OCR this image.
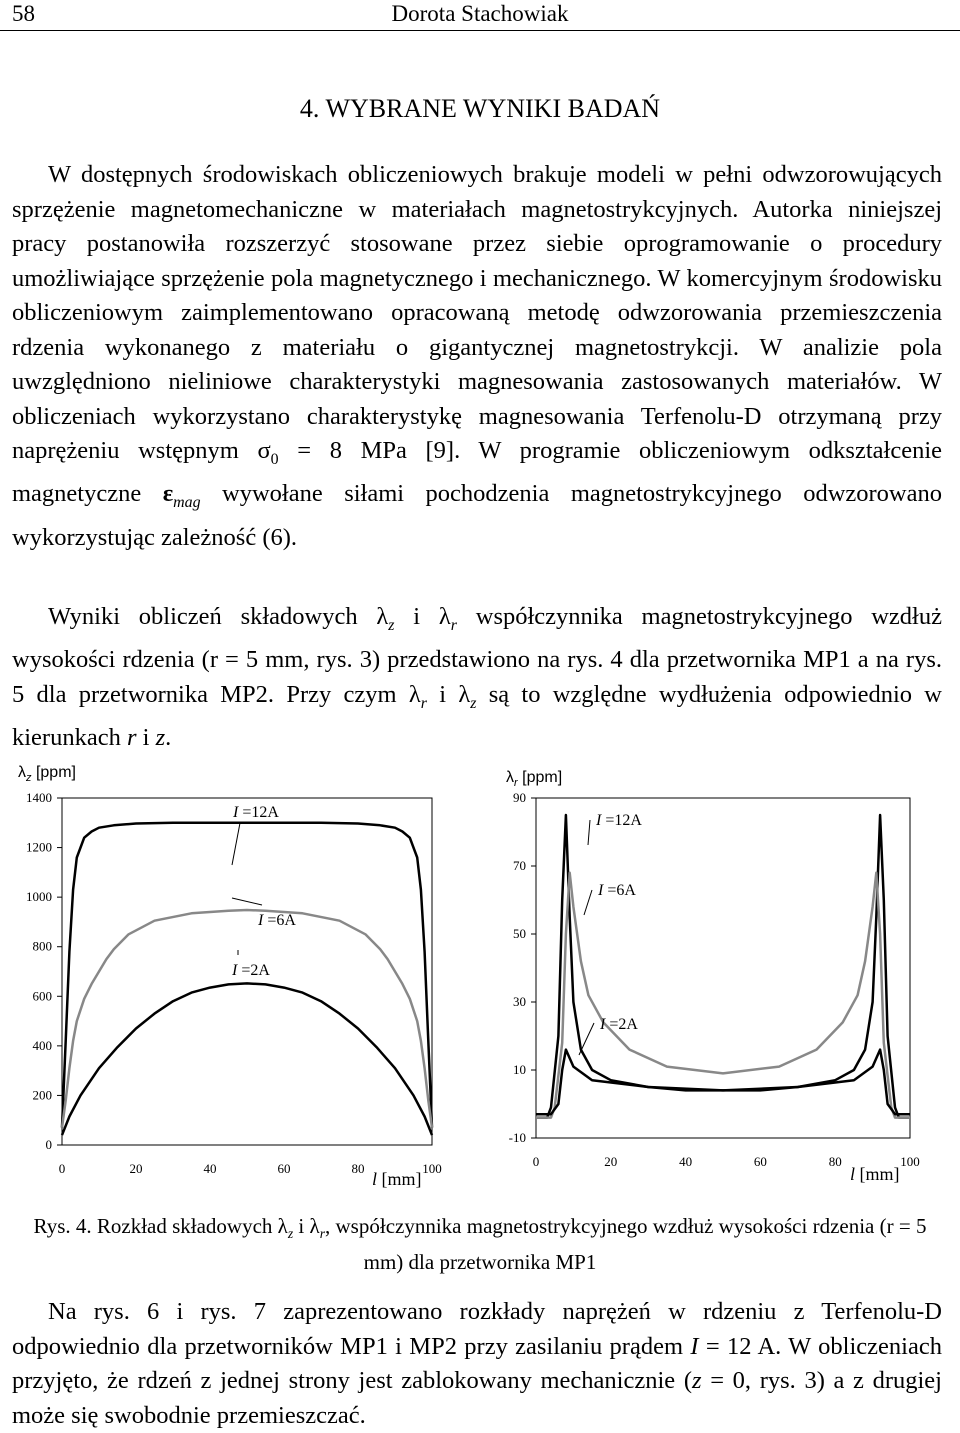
58	Dorota Stachowiak
4. WYBRANE WYNIKI BADAŃ

W dostępnych środowiskach obliczeniowych brakuje modeli w pełni odwzorowujących sprzężenie magnetomechaniczne w materiałach magnetostrykcyjnych. Autorka niniejszej pracy postanowiła rozszerzyć stosowane przez siebie oprogramowanie o procedury umożliwiające sprzężenie pola magnetycznego i mechanicznego. W komercyjnym środowisku obliczeniowym zaimplementowano opracowaną metodę odwzorowania przemieszczenia rdzenia wykonanego z materiału o gigantycznej magnetostrykcji. W analizie pola uwzględniono nieliniowe charakterystyki magnesowania zastosowanych materiałów. W obliczeniach wykorzystano charakterystykę magnesowania Terfenolu-D otrzymaną przy naprężeniu wstępnym $\sigma_0 = 8$ MPa [9]. W programie obliczeniowym odkształcenie magnetyczne $\varepsilon_{mag}$ wywołane siłami pochodzenia magnetostrykcyjnego odwzorowano wykorzystując zależność (6).

Wyniki obliczeń składowych $\lambda_z$ i $\lambda_r$ współczynnika magnetostrykcyjnego wzdłuż wysokości rdzenia (r = 5 mm, rys. 3) przedstawiono na rys. 4 dla przetwornika MP1 a na rys. 5 dla przetwornika MP2. Przy czym $\lambda_r$ i $\lambda_z$ są to względne wydłużenia odpowiednio w kierunkach r i z.

0
200
400
600
800
1000
1200
1400
0	20	40	60	80	100
$\lambda_z$ [ppm]
l [mm]
I =12A
I =6A
I =2A
-10
10
30
50
70
90
0	20	40	60	80	100
$\lambda_r$ [ppm]
l [mm]
I =12A
I =6A
I =2A
Rys. 4. Rozkład składowych $\lambda_z$ i $\lambda_r$, współczynnika magnetostrykcyjnego wzdłuż wysokości rdzenia (r = 5 mm) dla przetwornika MP1

Na rys. 6 i rys. 7 zaprezentowano rozkłady naprężeń w rdzeniu z Terfenolu-D odpowiednio dla przetworników MP1 i MP2 przy zasilaniu prądem I = 12 A. W obliczeniach przyjęto, że rdzeń z jednej strony jest zablokowany mechanicznie (z = 0, rys. 3) a z drugiej może się swobodnie przemieszczać.
